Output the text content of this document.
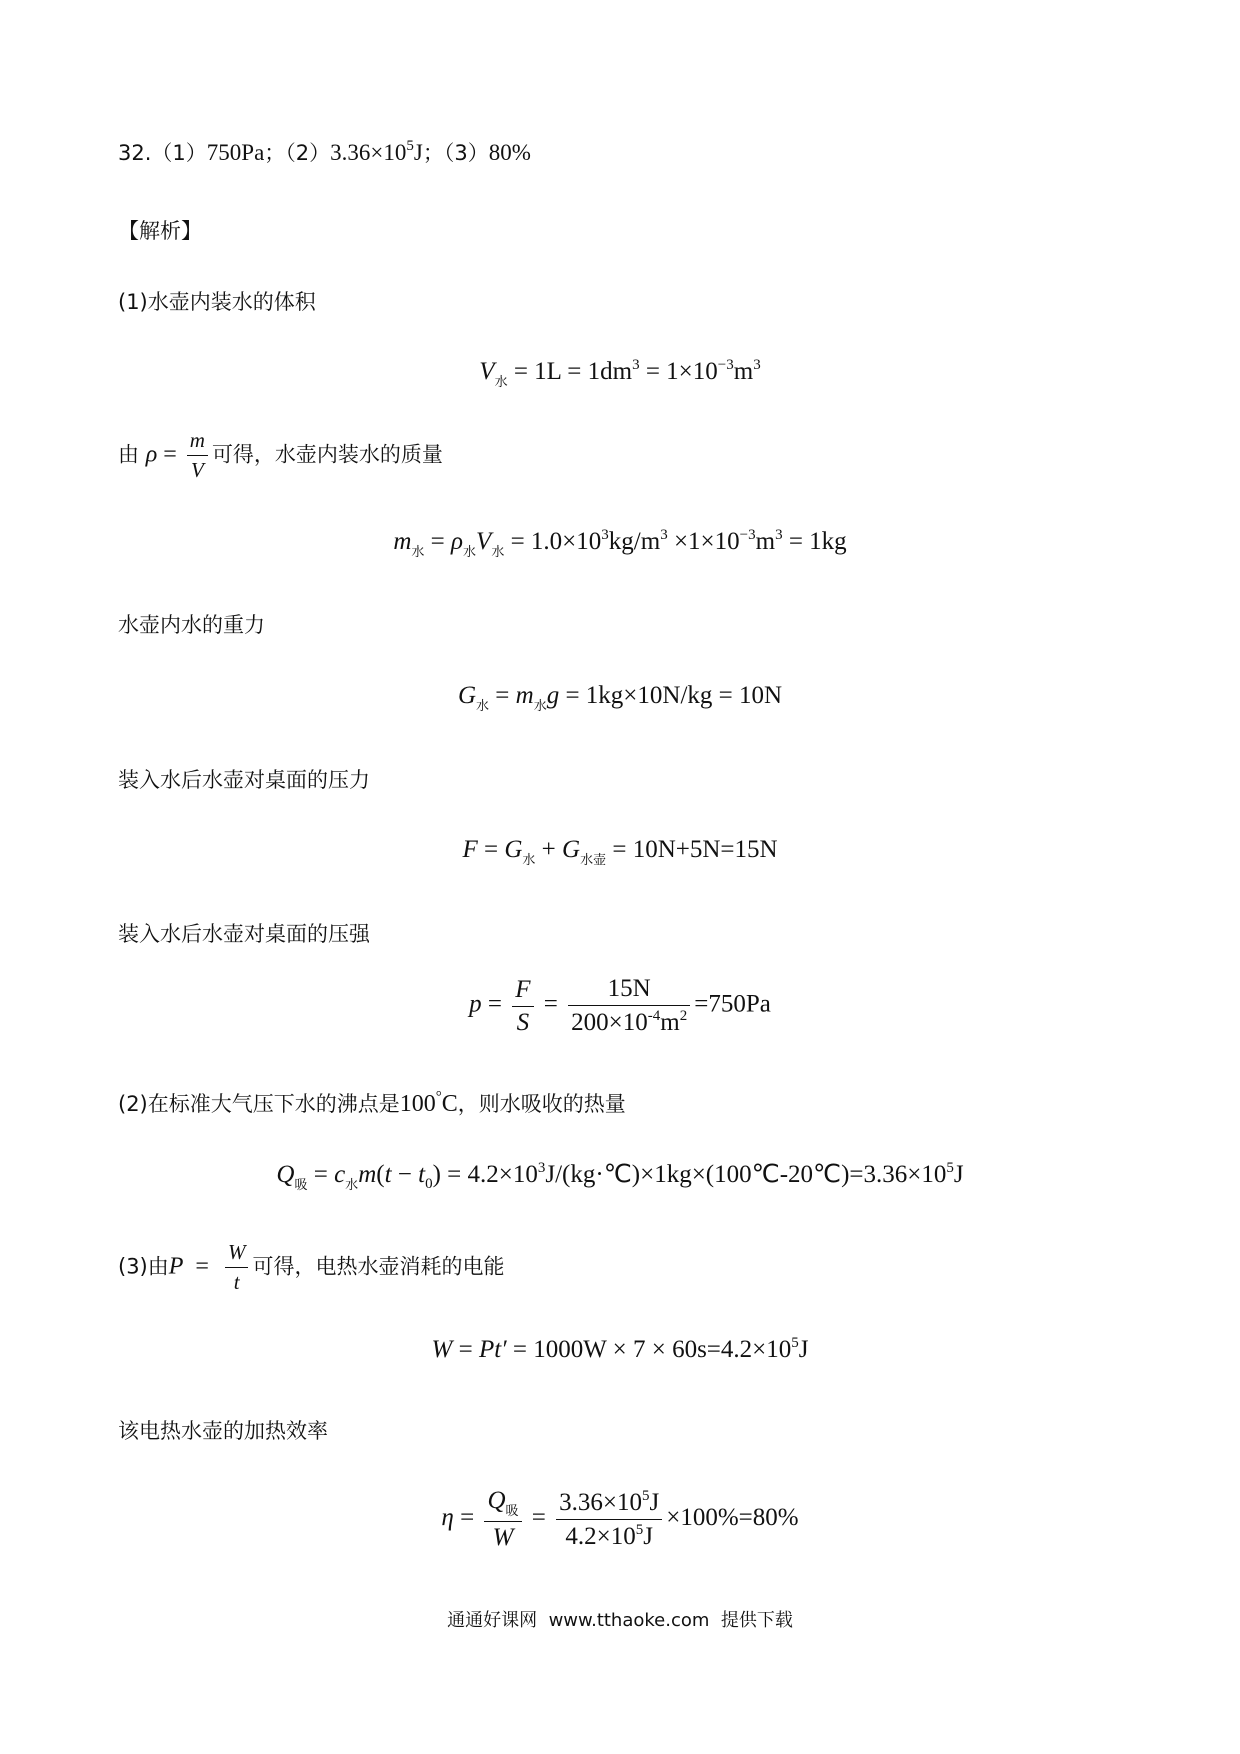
32.（1）750Pa；$(2)3.36\times 10^5J$；（3）80%
【解析】
(1)水壶内装水的体积
$V_水 = 1L = 1dm^3 = 1\times 10^{-3}m^3$
由 $\rho = \frac{m}{V}$ 可得，水壶内装水的质量
$m_水 = \rho_水V_水 = 1.0\times 10^3kg/m^3 \times 1\times 10^{-3}m^3 = 1kg$
水壶内水的重力
$G_水 = m_水g = 1kg\times 10N/kg = 10N$
装入水后水壶对桌面的压力
$F = G_水 + G_{水壶} = 10N+5N=15N$
装入水后水壶对桌面的压强
$p = \frac{F}{S} = \frac{15N}{200\times 10^{-4}m^2} =750Pa$
(2)在标准大气压下水的沸点是100°C，则水吸收的热量
$Q_吸 = c_水m(t - t_0)$ = $4.2\times 10^3J/(kg\cdot℃)\times 1kg\times(100℃-20℃)=3.36\times 10^5J$
(3)由$P = \frac{W}{t}$ 可得，电热水壶消耗的电能
$W = Pt' = 1000W \times 7 \times 60s=4.2\times 10^5J$
该电热水壶的加热效率
$\eta = \frac{Q_吸}{W} = \frac{3.36\times 10^5J}{4.2\times 10^5J} \times 100\%=80\%$
通通好课网  www.tthaoke.com  提供下载
